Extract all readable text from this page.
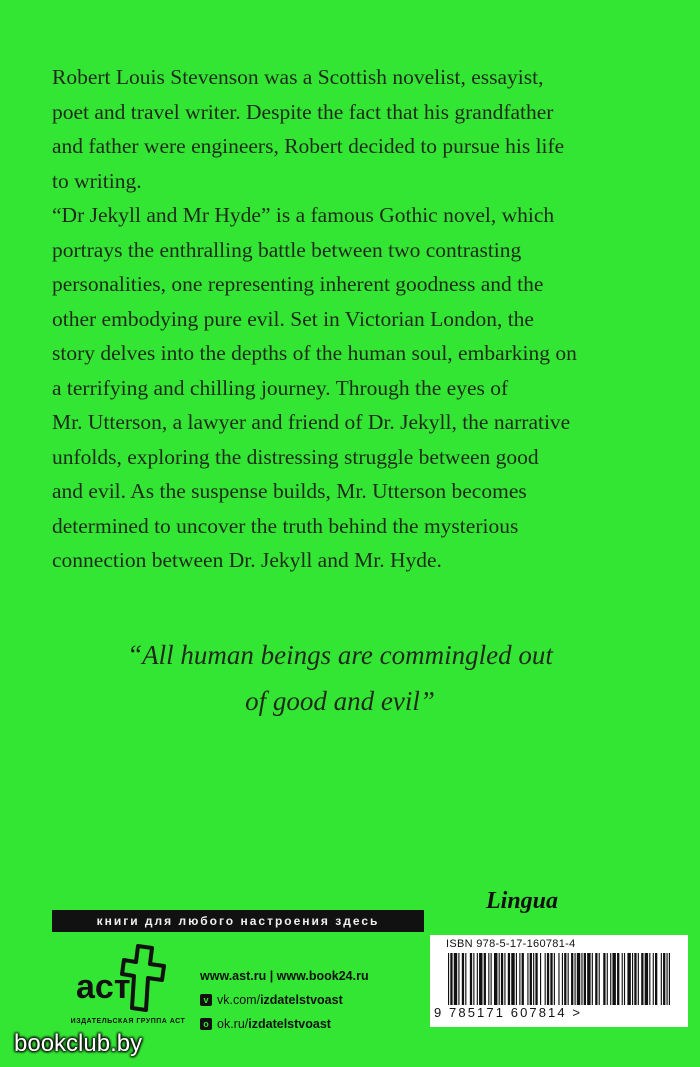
Robert Louis Stevenson was a Scottish novelist, essayist,

poet and travel writer. Despite the fact that his grandfather

and father were engineers, Robert decided to pursue his life

to writing.

“Dr Jekyll and Mr Hyde” is a famous Gothic novel, which

portrays the enthralling battle between two contrasting

personalities, one representing inherent goodness and the

other embodying pure evil. Set in Victorian London, the

story delves into the depths of the human soul, embarking on

a terrifying and chilling journey. Through the eyes of

Mr. Utterson, a lawyer and friend of Dr. Jekyll, the narrative

unfolds, exploring the distressing struggle between good

and evil. As the suspense builds, Mr. Utterson becomes

determined to uncover the truth behind the mysterious

connection between Dr. Jekyll and Mr. Hyde.

“All human beings are commingled out
of good and evil”
книги для любого настроения здесь
Lingua
aст
ИЗДАТЕЛЬСКАЯ ГРУППА АСТ
www.ast.ru | www.book24.ru
v vk.com/ izdatelstvoast
o ok.ru/ izdatelstvoast
ISBN 978-5-17-160781-4
9 785171 607814 >
bookclub.by
